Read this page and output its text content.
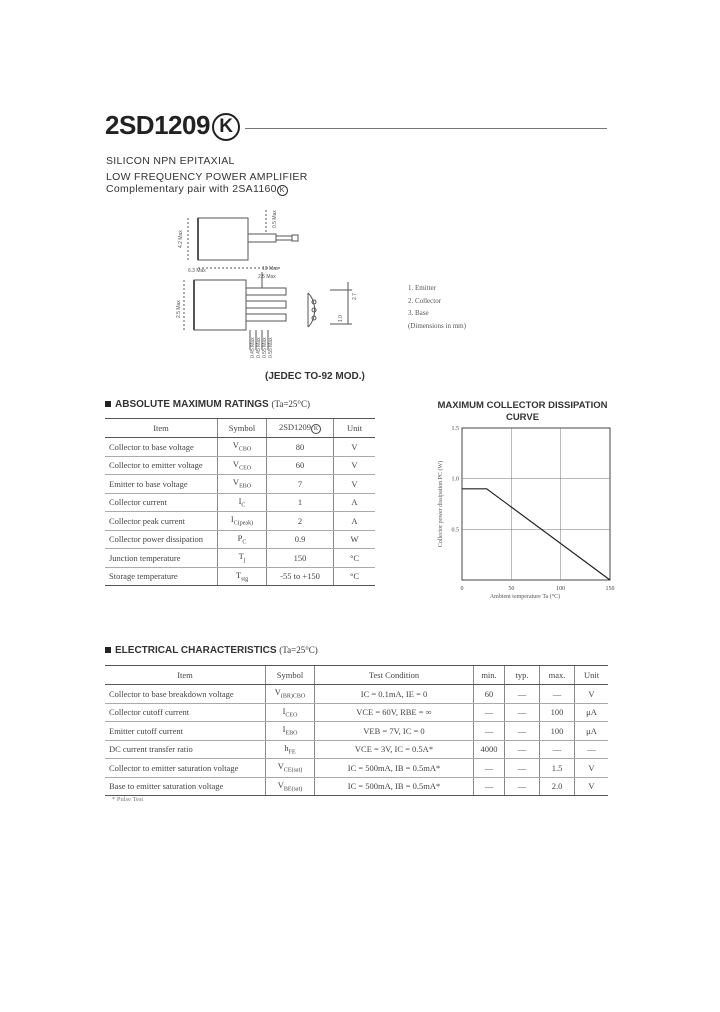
2SD1209 K
SILICON NPN EPITAXIAL
LOW FREQUENCY POWER AMPLIFIER
Complementary pair with 2SA1160 K
4.2 Max
0.5 Max
6.3 Max	10 Max
2.5 Max
2.5 Max
0.45 Max 0.45 Max 0.55 Max 0.55 Max
2.7
1.0
1. Emitter
2. Collector
3. Base
(Dimensions in mm)
(JEDEC TO-92 MOD.)
ABSOLUTE MAXIMUM RATINGS (Ta=25°C)
Item	Symbol	2SD1209 K	Unit
Collector to base voltage	$V_{CBO}$	80	V
Collector to emitter voltage	$V_{CEO}$	60	V
Emitter to base voltage	$V_{EBO}$	7	V
Collector current	$I_C$	1	A
Collector peak current	$I_{C(peak)}$	2	A
Collector power dissipation	$P_C$	0.9	W
Junction temperature	$T_j$	150	°C
Storage temperature	$T_{stg}$	-55 to +150	°C
MAXIMUM COLLECTOR DISSIPATION CURVE
0	50	100	150
1.5
1.0
0.5
Ambient temperature Ta (°C)
Collector power dissipation PC (W)
ELECTRICAL CHARACTERISTICS (Ta=25°C)
Item	Symbol	Test Condition	min.	typ.	max.	Unit
Collector to base breakdown voltage	$V_{(BR)CBO}$	IC = 0.1mA, IE = 0	60	—	—	V
Collector cutoff current	$I_{CEO}$	VCE = 60V, RBE = ∞	—	—	100	μA
Emitter cutoff current	$I_{EBO}$	VEB = 7V, IC = 0	—	—	100	μA
DC current transfer ratio	$h_{FE}$	VCE = 3V, IC = 0.5A*	4000	—	—	—
Collector to emitter saturation voltage	$V_{CE(sat)}$	IC = 500mA, IB = 0.5mA*	—	—	1.5	V
Base to emitter saturation voltage	$V_{BE(sat)}$	IC = 500mA, IB = 0.5mA*	—	—	2.0	V
* Pulse Test
